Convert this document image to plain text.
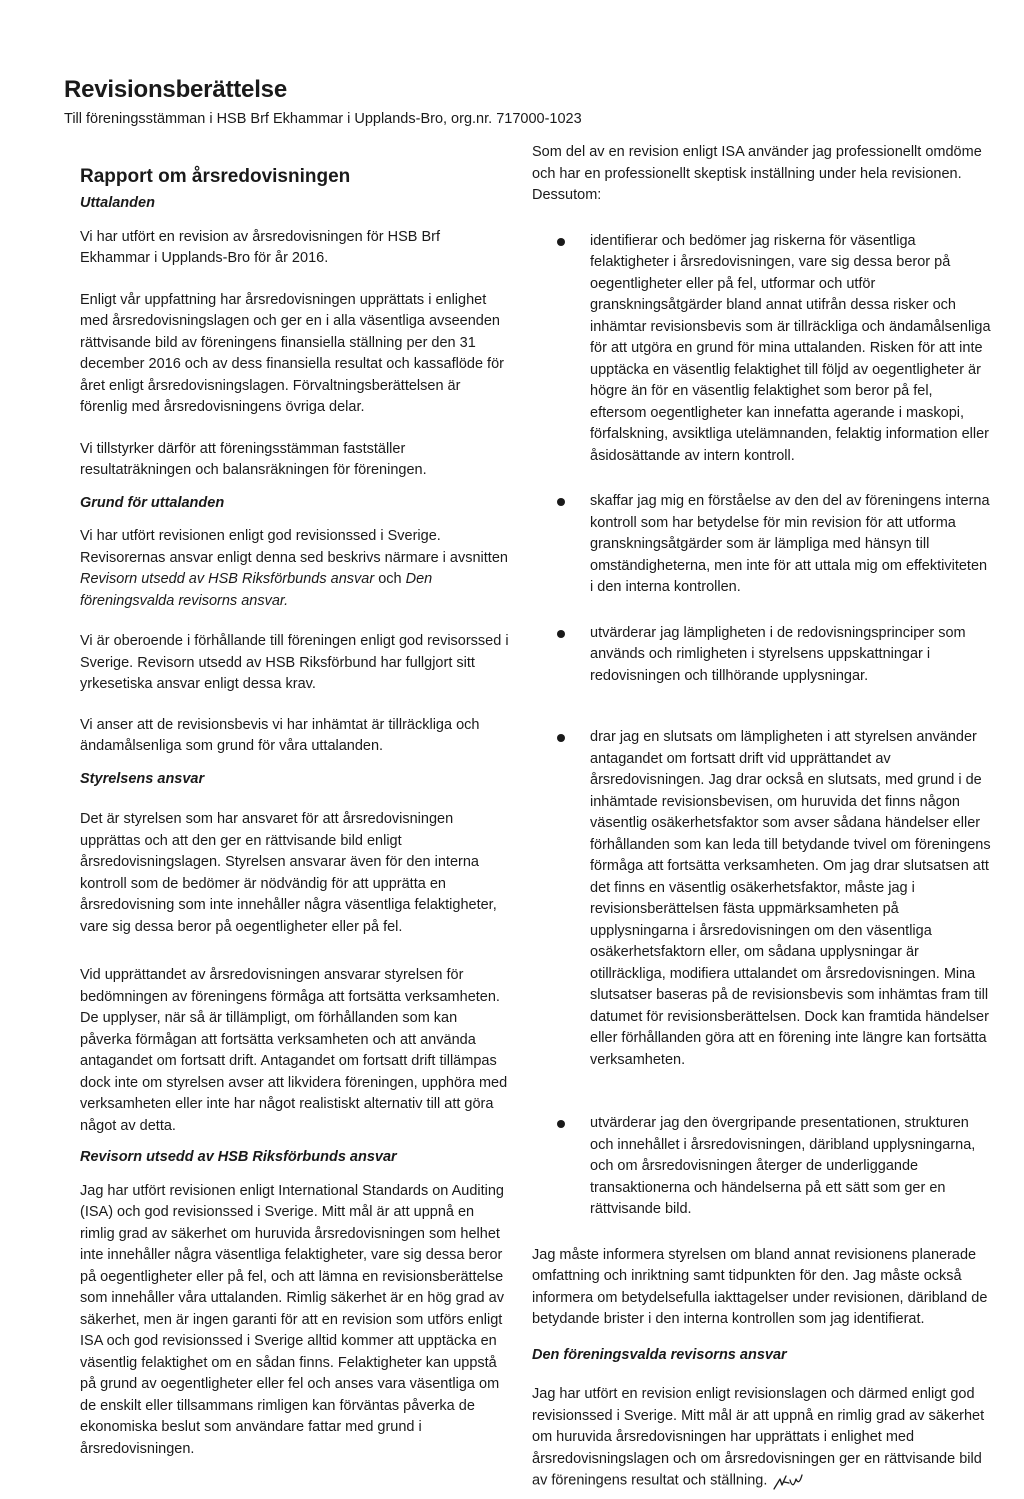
Revisionsberättelse

Till föreningsstämman i HSB Brf Ekhammar i Upplands-Bro, org.nr. 717000-1023

Rapport om årsredovisningen
Uttalanden

Vi har utfört en revision av årsredovisningen för HSB Brf Ekhammar i Upplands-Bro för år 2016.

Enligt vår uppfattning har årsredovisningen upprättats i enlighet med årsredovisningslagen och ger en i alla väsentliga avseenden rättvisande bild av föreningens finansiella ställning per den 31 december 2016 och av dess finansiella resultat och kassaflöde för året enligt årsredovisningslagen. Förvaltningsberättelsen är förenlig med årsredovisningens övriga delar.

Vi tillstyrker därför att föreningsstämman fastställer resultaträkningen och balansräkningen för föreningen.

Grund för uttalanden

Vi har utfört revisionen enligt god revisionssed i Sverige. Revisorernas ansvar enligt denna sed beskrivs närmare i avsnitten Revisorn utsedd av HSB Riksförbunds ansvar och Den föreningsvalda revisorns ansvar.

Vi är oberoende i förhållande till föreningen enligt god revisorssed i Sverige. Revisorn utsedd av HSB Riksförbund har fullgjort sitt yrkesetiska ansvar enligt dessa krav.

Vi anser att de revisionsbevis vi har inhämtat är tillräckliga och ändamålsenliga som grund för våra uttalanden.

Styrelsens ansvar

Det är styrelsen som har ansvaret för att årsredovisningen upprättas och att den ger en rättvisande bild enligt årsredovisningslagen. Styrelsen ansvarar även för den interna kontroll som de bedömer är nödvändig för att upprätta en årsredovisning som inte innehåller några väsentliga felaktigheter, vare sig dessa beror på oegentligheter eller på fel.

Vid upprättandet av årsredovisningen ansvarar styrelsen för bedömningen av föreningens förmåga att fortsätta verksamheten. De upplyser, när så är tillämpligt, om förhållanden som kan påverka förmågan att fortsätta verksamheten och att använda antagandet om fortsatt drift. Antagandet om fortsatt drift tillämpas dock inte om styrelsen avser att likvidera föreningen, upphöra med verksamheten eller inte har något realistiskt alternativ till att göra något av detta.

Revisorn utsedd av HSB Riksförbunds ansvar

Jag har utfört revisionen enligt International Standards on Auditing (ISA) och god revisionssed i Sverige. Mitt mål är att uppnå en rimlig grad av säkerhet om huruvida årsredovisningen som helhet inte innehåller några väsentliga felaktigheter, vare sig dessa beror på oegentligheter eller på fel, och att lämna en revisionsberättelse som innehåller våra uttalanden. Rimlig säkerhet är en hög grad av säkerhet, men är ingen garanti för att en revision som utförs enligt ISA och god revisionssed i Sverige alltid kommer att upptäcka en väsentlig felaktighet om en sådan finns. Felaktigheter kan uppstå på grund av oegentligheter eller fel och anses vara väsentliga om de enskilt eller tillsammans rimligen kan förväntas påverka de ekonomiska beslut som användare fattar med grund i årsredovisningen.

Som del av en revision enligt ISA använder jag professionellt omdöme och har en professionellt skeptisk inställning under hela revisionen. Dessutom:

identifierar och bedömer jag riskerna för väsentliga felaktigheter i årsredovisningen, vare sig dessa beror på oegentligheter eller på fel, utformar och utför granskningsåtgärder bland annat utifrån dessa risker och inhämtar revisionsbevis som är tillräckliga och ändamålsenliga för att utgöra en grund för mina uttalanden. Risken för att inte upptäcka en väsentlig felaktighet till följd av oegentligheter är högre än för en väsentlig felaktighet som beror på fel, eftersom oegentligheter kan innefatta agerande i maskopi, förfalskning, avsiktliga utelämnanden, felaktig information eller åsidosättande av intern kontroll.
skaffar jag mig en förståelse av den del av föreningens interna kontroll som har betydelse för min revision för att utforma granskningsåtgärder som är lämpliga med hänsyn till omständigheterna, men inte för att uttala mig om effektiviteten i den interna kontrollen.
utvärderar jag lämpligheten i de redovisningsprinciper som används och rimligheten i styrelsens uppskattningar i redovisningen och tillhörande upplysningar.
drar jag en slutsats om lämpligheten i att styrelsen använder antagandet om fortsatt drift vid upprättandet av årsredovisningen. Jag drar också en slutsats, med grund i de inhämtade revisionsbevisen, om huruvida det finns någon väsentlig osäkerhetsfaktor som avser sådana händelser eller förhållanden som kan leda till betydande tvivel om föreningens förmåga att fortsätta verksamheten. Om jag drar slutsatsen att det finns en väsentlig osäkerhetsfaktor, måste jag i revisionsberättelsen fästa uppmärksamheten på upplysningarna i årsredovisningen om den väsentliga osäkerhetsfaktorn eller, om sådana upplysningar är otillräckliga, modifiera uttalandet om årsredovisningen. Mina slutsatser baseras på de revisionsbevis som inhämtas fram till datumet för revisionsberättelsen. Dock kan framtida händelser eller förhållanden göra att en förening inte längre kan fortsätta verksamheten.
utvärderar jag den övergripande presentationen, strukturen och innehållet i årsredovisningen, däribland upplysningarna, och om årsredovisningen återger de underliggande transaktionerna och händelserna på ett sätt som ger en rättvisande bild.

Jag måste informera styrelsen om bland annat revisionens planerade omfattning och inriktning samt tidpunkten för den. Jag måste också informera om betydelsefulla iakttagelser under revisionen, däribland de betydande brister i den interna kontrollen som jag identifierat.

Den föreningsvalda revisorns ansvar

Jag har utfört en revision enligt revisionslagen och därmed enligt god revisionssed i Sverige. Mitt mål är att uppnå en rimlig grad av säkerhet om huruvida årsredovisningen har upprättats i enlighet med årsredovisningslagen och om årsredovisningen ger en rättvisande bild av föreningens resultat och ställning.
